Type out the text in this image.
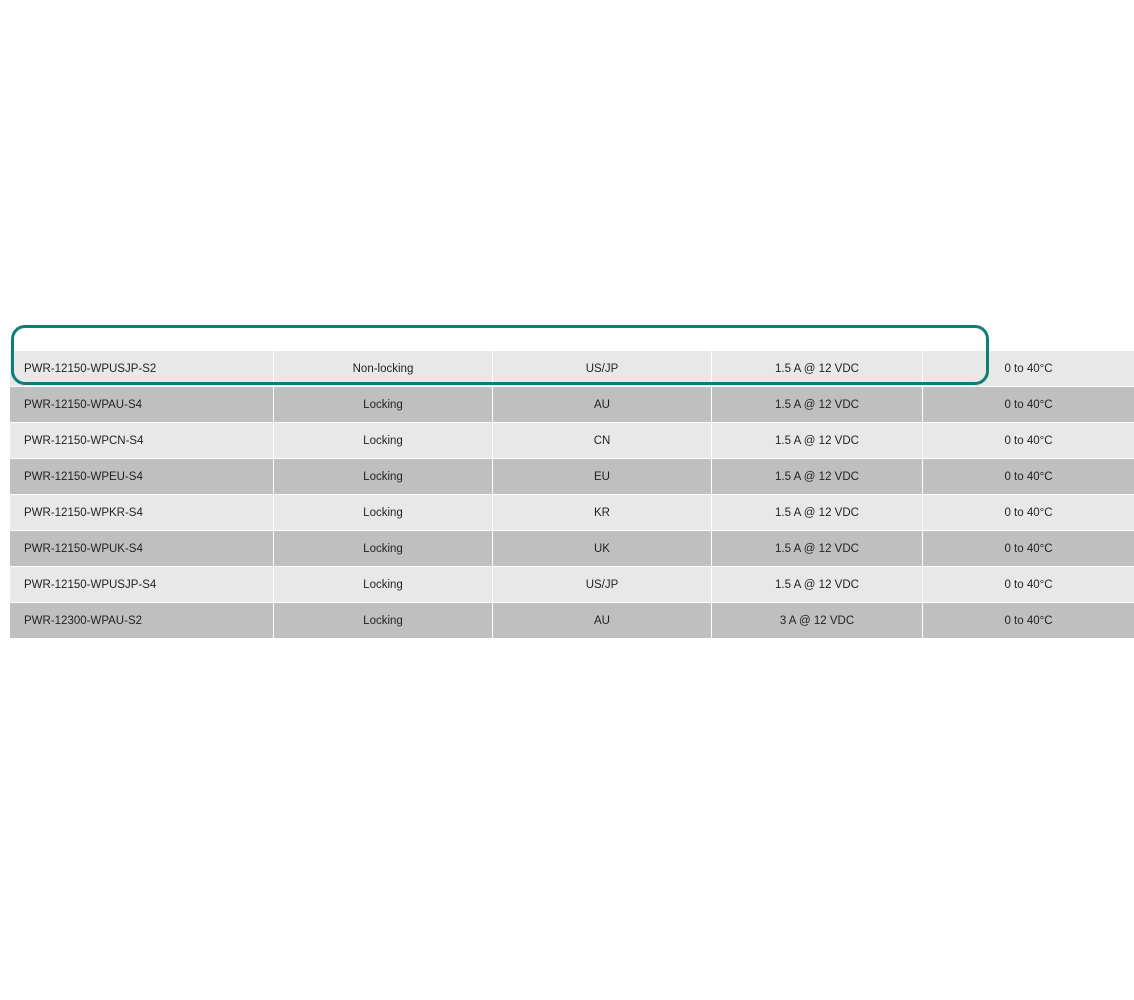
PWR-12150-WPUSJP-S2	Non-locking	US/JP	1.5 A @ 12 VDC	0 to 40°C
PWR-12150-WPAU-S4	Locking	AU	1.5 A @ 12 VDC	0 to 40°C
PWR-12150-WPCN-S4	Locking	CN	1.5 A @ 12 VDC	0 to 40°C
PWR-12150-WPEU-S4	Locking	EU	1.5 A @ 12 VDC	0 to 40°C
PWR-12150-WPKR-S4	Locking	KR	1.5 A @ 12 VDC	0 to 40°C
PWR-12150-WPUK-S4	Locking	UK	1.5 A @ 12 VDC	0 to 40°C
PWR-12150-WPUSJP-S4	Locking	US/JP	1.5 A @ 12 VDC	0 to 40°C
PWR-12300-WPAU-S2	Locking	AU	3 A @ 12 VDC	0 to 40°C
